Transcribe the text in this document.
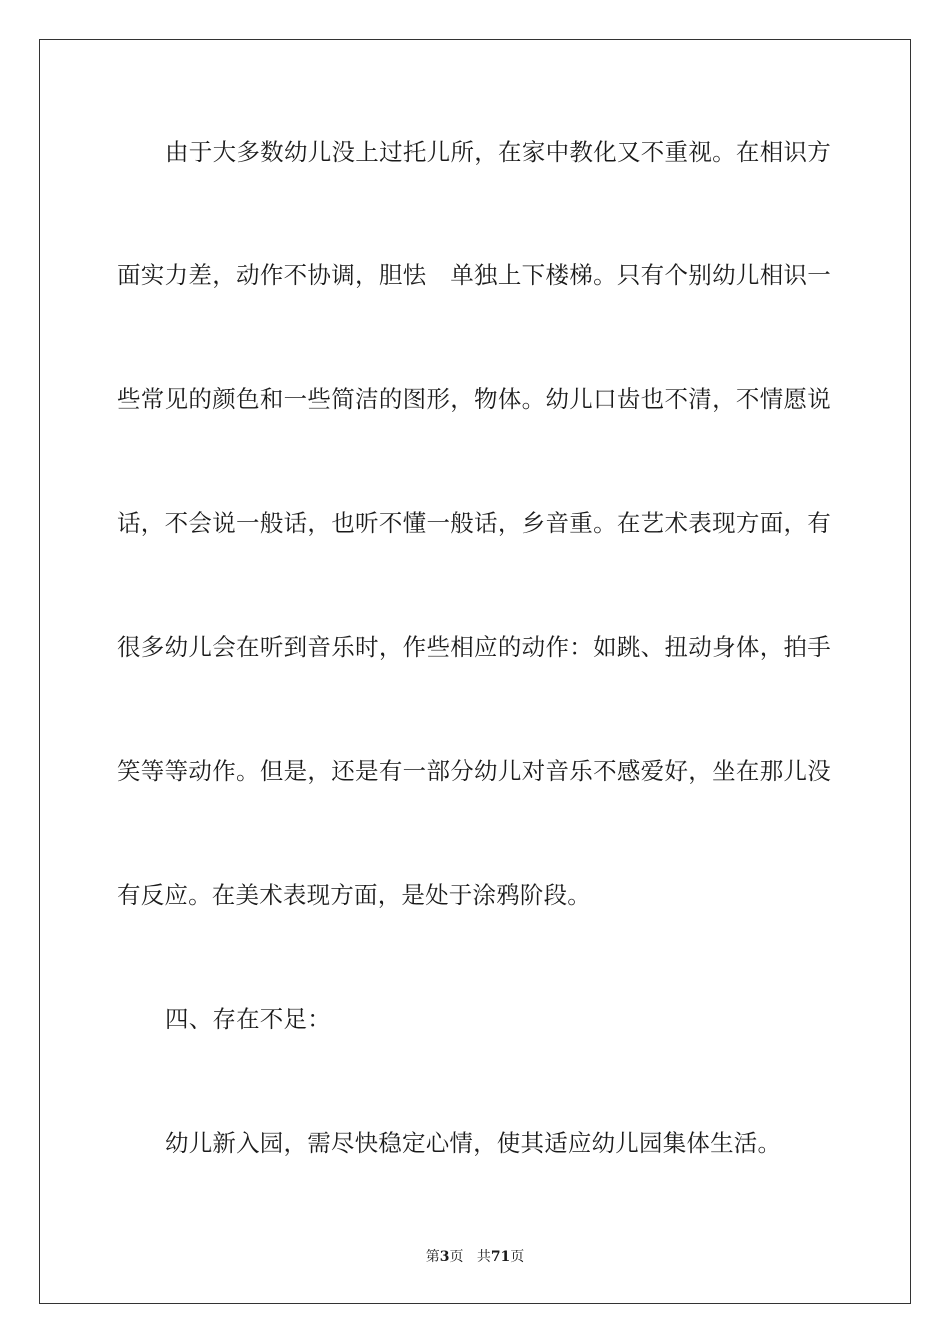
由于大多数幼儿没上过托儿所，在家中教化又不重视。在相识方
面实力差，动作不协调，胆怯　单独上下楼梯。只有个别幼儿相识一
些常见的颜色和一些简洁的图形，物体。幼儿口齿也不清，不情愿说
话，不会说一般话，也听不懂一般话，乡音重。在艺术表现方面，有
很多幼儿会在听到音乐时，作些相应的动作：如跳、扭动身体，拍手
笑等等动作。但是，还是有一部分幼儿对音乐不感爱好，坐在那儿没
有反应。在美术表现方面，是处于涂鸦阶段。
四、存在不足：
幼儿新入园，需尽快稳定心情，使其适应幼儿园集体生活。
第3页 共71页
